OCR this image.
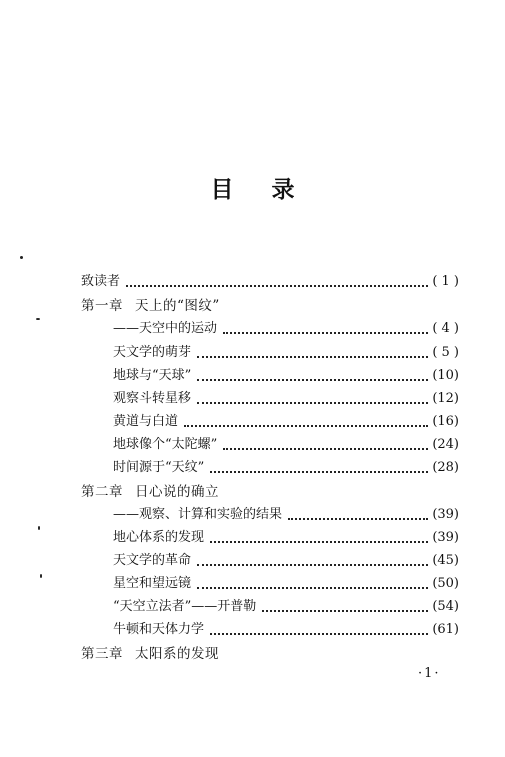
目 录
致读者	( 1 )
第一章 天上的“图纹”
——天空中的运动	( 4 )
天文学的萌芽	( 5 )
地球与“天球”	(10)
观察斗转星移	(12)
黄道与白道	(16)
地球像个“太陀螺”	(24)
时间源于“天纹”	(28)
第二章 日心说的确立
——观察、计算和实验的结果	(39)
地心体系的发现	(39)
天文学的革命	(45)
星空和望远镜	(50)
“天空立法者”——开普勒	(54)
牛顿和天体力学	(61)
第三章 太阳系的发现
·1·
